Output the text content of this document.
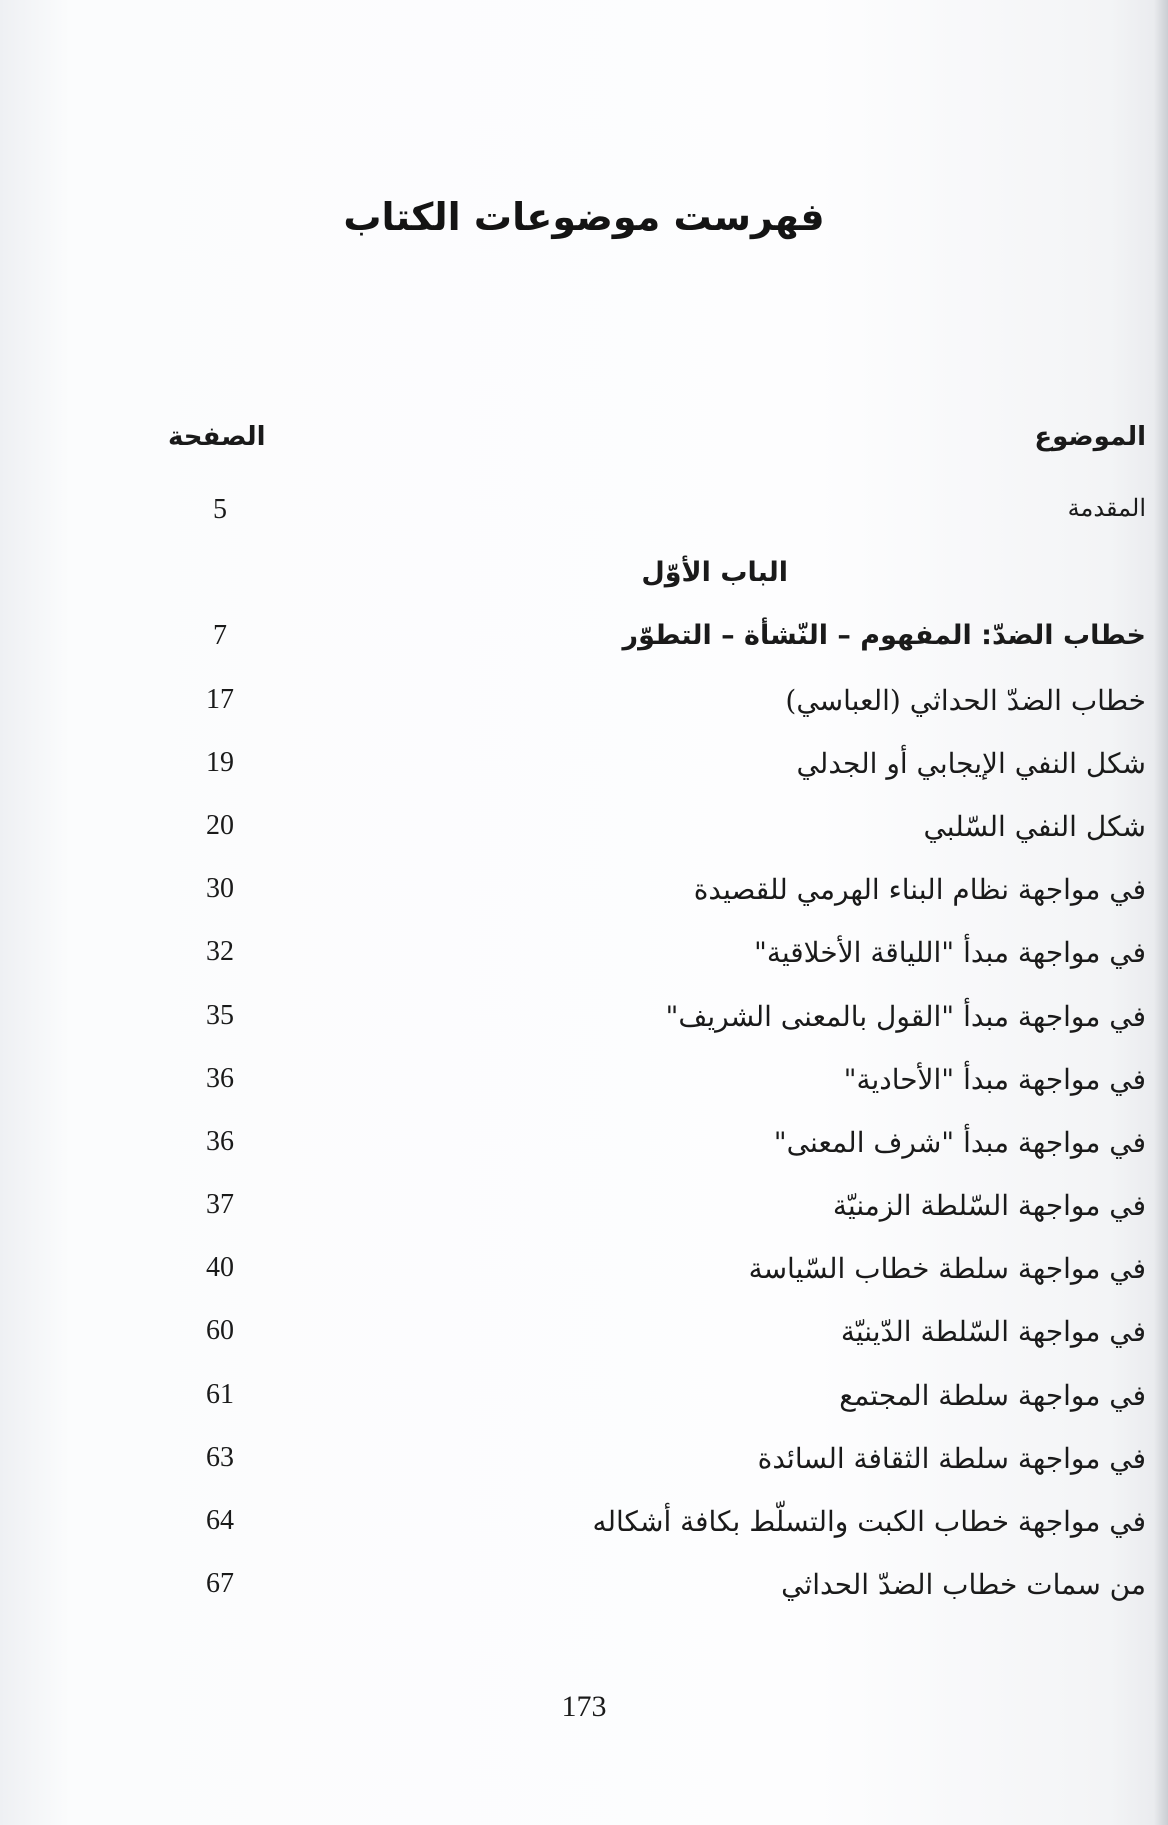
فهرست موضوعات الكتاب
الموضوع
الصفحة
المقدمة
5
الباب الأوّل
خطاب الضدّ: المفهوم – النّشأة – التطوّر
7
خطاب الضدّ الحداثي (العباسي)
17
شكل النفي الإيجابي أو الجدلي
19
شكل النفي السّلبي
20
في مواجهة نظام البناء الهرمي للقصيدة
30
في مواجهة مبدأ "اللياقة الأخلاقية"
32
في مواجهة مبدأ "القول بالمعنى الشريف"
35
في مواجهة مبدأ "الأحادية"
36
في مواجهة مبدأ "شرف المعنى"
36
في مواجهة السّلطة الزمنيّة
37
في مواجهة سلطة خطاب السّياسة
40
في مواجهة السّلطة الدّينيّة
60
في مواجهة سلطة المجتمع
61
في مواجهة سلطة الثقافة السائدة
63
في مواجهة خطاب الكبت والتسلّط بكافة أشكاله
64
من سمات خطاب الضدّ الحداثي
67
173
